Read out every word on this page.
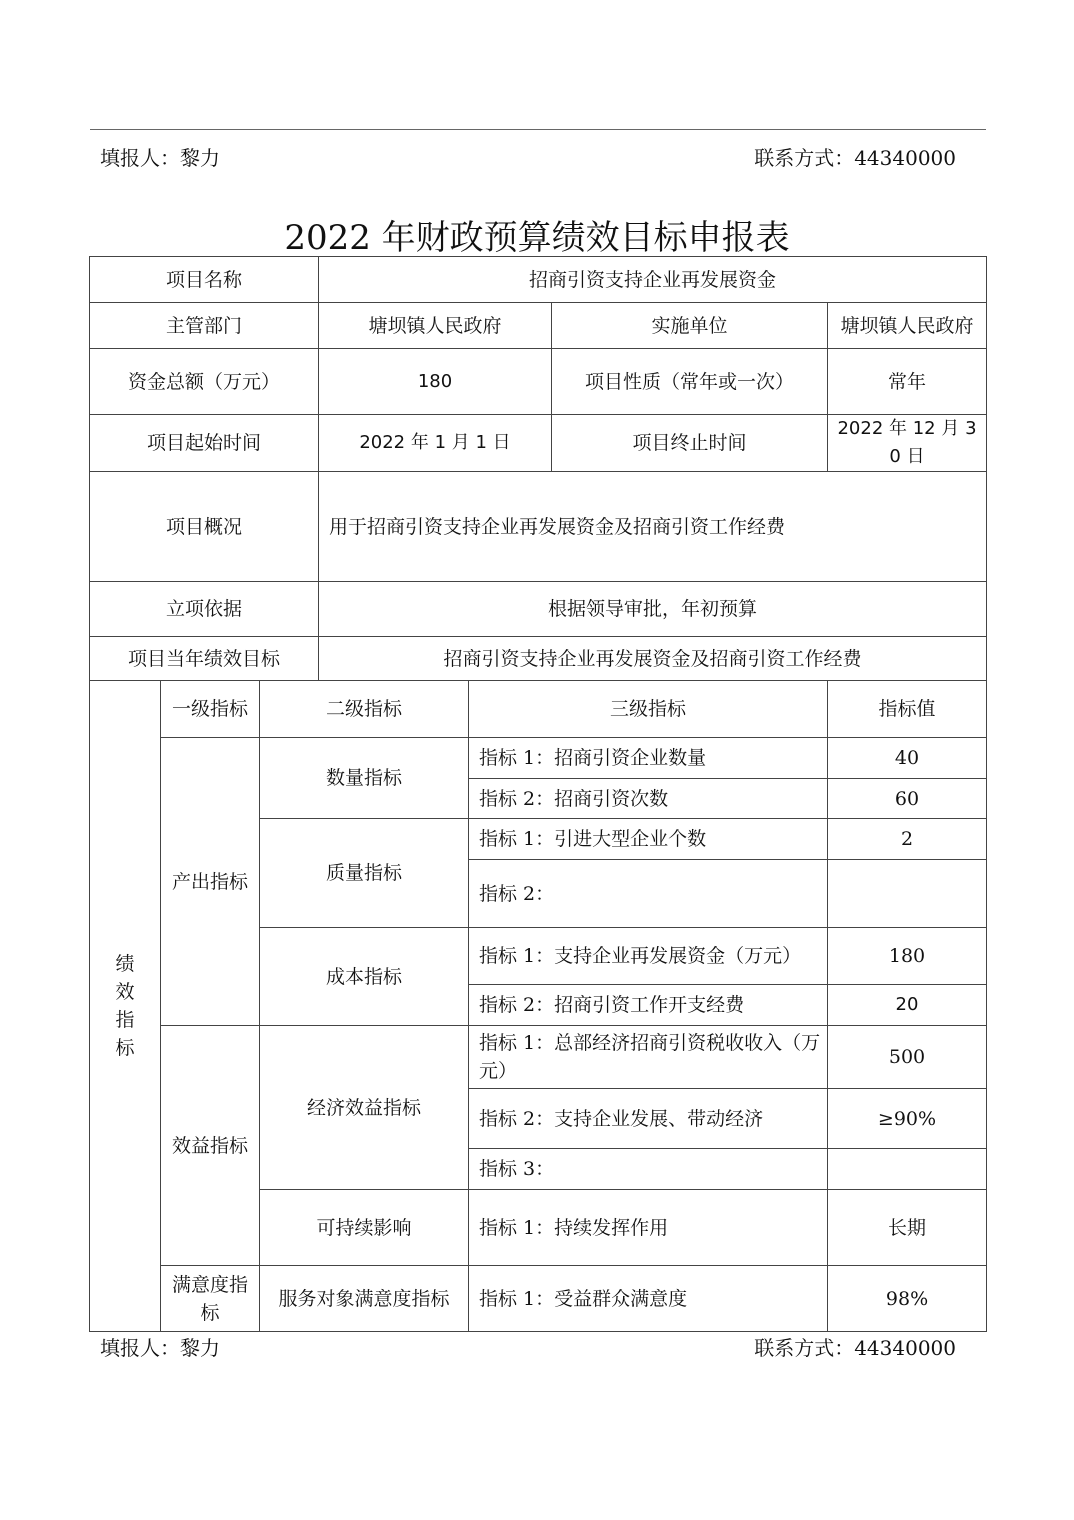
填报人：黎力	联系方式：44340000
2022 年财政预算绩效目标申报表
项目名称			招商引资支持企业再发展资金			
主管部门			塘坝镇人民政府		实施单位	塘坝镇人民政府
资金总额（万元）			180		项目性质（常年或一次）	常年
项目起始时间			2022 年 1 月 1 日		项目终止时间	2022 年 12 月 30 日
项目概况			用于招商引资支持企业再发展资金及招商引资工作经费			
立项依据			根据领导审批，年初预算			
项目当年绩效目标			招商引资支持企业再发展资金及招商引资工作经费			
绩效指标	一级指标	二级指标		三级指标		指标值
	产出指标	数量指标		指标 1：招商引资企业数量		40
				指标 2：招商引资次数		60
		质量指标		指标 1：引进大型企业个数		2
				指标 2：		
		成本指标		指标 1：支持企业再发展资金（万元）		180
				指标 2：招商引资工作开支经费		20
	效益指标	经济效益指标		指标 1：总部经济招商引资税收收入（万元）		500
				指标 2：支持企业发展、带动经济		≥90%
				指标 3：		
		可持续影响		指标 1：持续发挥作用		长期
	满意度指标	服务对象满意度指标		指标 1：受益群众满意度		98%
填报人：黎力	联系方式：44340000
